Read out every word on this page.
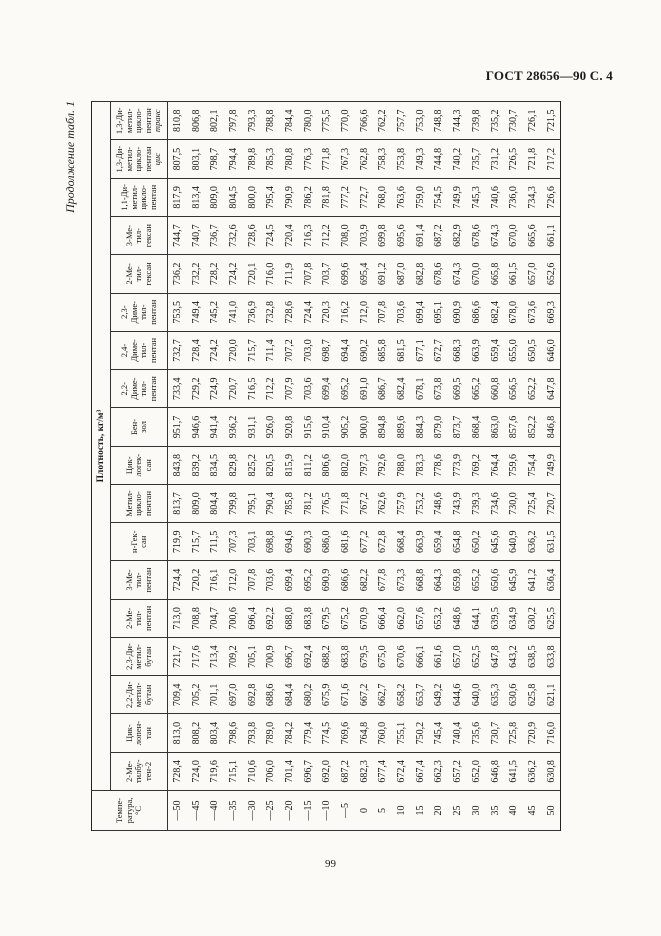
ГОСТ 28656—90 С. 4
Продолжение табл. 1
Темпе-
ратура,
°С	Плотность, кг/м³																	

	2-Ме-
тилбу-
тен-2	Цик-
лопен-
тан	2,2-Ди-
метил-
бутан	2,3-Ди-
метил-
бутан	2-Ме-
тил-
пентан	3-Ме-
тил-
пентан	н-Гек-
сан	Метил-
цикло-
пентан	Цик-
логек-
сан	Бен-
зол	2,2-
Диме-
тил-
пентан	2,4-
Диме-
тил-
пентан	2,3-
Диме-
тил-
пентан	2-Ме-
тил-
гексан	3-Ме-
тил-
гексан	1,1-Ди-
метил-
цикло-
пентан	1,3-Ди-
метил-
цикло-
пентан
цис	1,3-Ди-
метил-
цикло-
пентан
транс

—50	728,4	813,0	709,4	721,7	713,0	724,4	719,9	813,7	843,8	951,7	733,4	732,7	753,5	736,2	744,7	817,9	807,5	810,8
—45	724,0	808,2	705,2	717,6	708,8	720,2	715,7	809,0	839,2	946,6	729,2	728,4	749,4	732,2	740,7	813,4	803,1	806,8
—40	719,6	803,4	701,1	713,4	704,7	716,1	711,5	804,4	834,5	941,4	724,9	724,2	745,2	728,2	736,7	809,0	798,7	802,1
—35	715,1	798,6	697,0	709,2	700,6	712,0	707,3	799,8	829,8	936,2	720,7	720,0	741,0	724,2	732,6	804,5	794,4	797,8
—30	710,6	793,8	692,8	705,1	696,4	707,8	703,1	795,1	825,2	931,1	716,5	715,7	736,9	720,1	728,6	800,0	789,8	793,3
—25	706,0	789,0	688,6	700,9	692,2	703,6	698,8	790,4	820,5	926,0	712,2	711,4	732,8	716,0	724,5	795,4	785,3	788,8
—20	701,4	784,2	684,4	696,7	688,0	699,4	694,6	785,8	815,9	920,8	707,9	707,2	728,6	711,9	720,4	790,9	780,8	784,4
—15	696,7	779,4	680,2	692,4	683,8	695,2	690,3	781,2	811,2	915,6	703,6	703,0	724,4	707,8	716,3	786,2	776,3	780,0
—10	692,0	774,5	675,9	688,2	679,5	690,9	686,0	776,5	806,6	910,4	699,4	698,7	720,3	703,7	712,2	781,8	771,8	775,5
—5	687,2	769,6	671,6	683,8	675,2	686,6	681,6	771,8	802,0	905,2	695,2	694,4	716,2	699,6	708,0	777,2	767,3	770,0
0	682,3	764,8	667,2	679,5	670,9	682,2	677,2	767,2	797,3	900,0	691,0	690,2	712,0	695,4	703,9	772,7	762,8	766,6
5	677,4	760,0	662,7	675,0	666,4	677,8	672,8	762,6	792,6	894,8	686,7	685,8	707,8	691,2	699,8	768,0	758,3	762,2
10	672,4	755,1	658,2	670,6	662,0	673,3	668,4	757,9	788,0	889,6	682,4	681,5	703,6	687,0	695,6	763,6	753,8	757,7
15	667,4	750,2	653,7	666,1	657,6	668,8	663,9	753,2	783,3	884,3	678,1	677,1	699,4	682,8	691,4	759,0	749,3	753,0
20	662,3	745,4	649,2	661,6	653,2	664,3	659,4	748,6	778,6	879,0	673,8	672,7	695,1	678,6	687,2	754,5	744,8	748,8
25	657,2	740,4	644,6	657,0	648,6	659,8	654,8	743,9	773,9	873,7	669,5	668,3	690,9	674,3	682,9	749,9	740,2	744,3
30	652,0	735,6	640,0	652,5	644,1	655,2	650,2	739,3	769,2	868,4	665,2	663,9	686,6	670,0	678,6	745,3	735,7	739,8
35	646,8	730,7	635,3	647,8	639,5	650,6	645,6	734,6	764,4	863,0	660,8	659,4	682,4	665,8	674,3	740,6	731,2	735,2
40	641,5	725,8	630,6	643,2	634,9	645,9	640,9	730,0	759,6	857,6	656,5	655,0	678,0	661,5	670,0	736,0	726,5	730,7
45	636,2	720,9	625,8	638,5	630,2	641,2	636,2	725,4	754,4	852,2	652,2	650,5	673,6	657,0	665,6	734,3	721,8	726,1
50	630,8	716,0	621,1	633,8	625,5	636,4	631,5	720,7	749,9	846,8	647,8	646,0	669,3	652,6	661,1	726,6	717,2	721,5
99
